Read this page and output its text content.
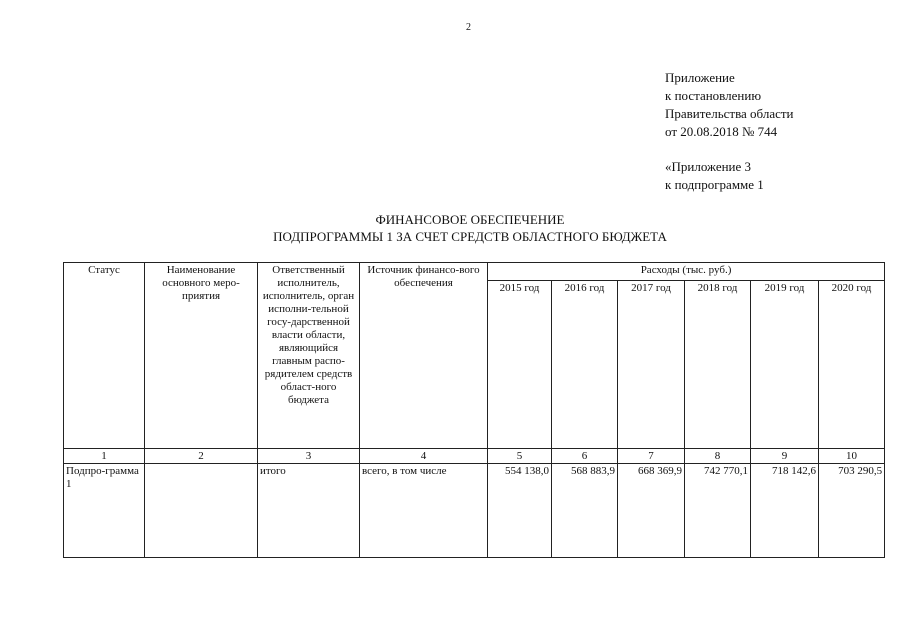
2
Приложение
к постановлению
Правительства области
от 20.08.2018 № 744
«Приложение 3
к подпрограмме 1
ФИНАНСОВОЕ ОБЕСПЕЧЕНИЕ
ПОДПРОГРАММЫ 1 ЗА СЧЕТ СРЕДСТВ ОБЛАСТНОГО БЮДЖЕТА
Статус	Наименование основного меро-приятия	Ответственный исполнитель, исполнитель, орган исполни-тельной госу-дарственной власти области, являющийся главным распо-рядителем средств област-ного бюджета	Источник финансо-вого обеспечения	Расходы (тыс. руб.)					
				2015 год	2016 год	2017 год	2018 год	2019 год	2020 год
1	2	3	4	5	6	7	8	9	10
Подпро-грамма 1		итого	всего, в том числе	554 138,0	568 883,9	668 369,9	742 770,1	718 142,6	703 290,5
